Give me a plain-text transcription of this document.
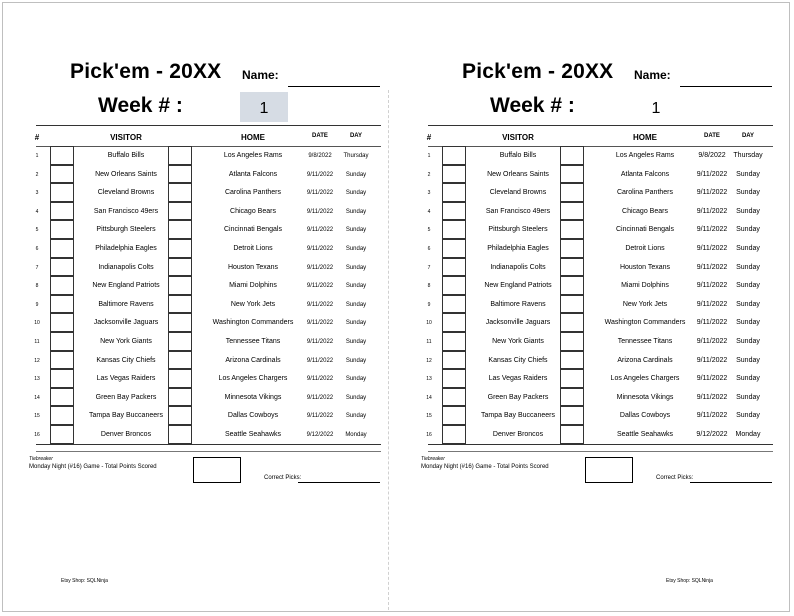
Pick'em - 20XX Name:
Week # :	1
#	VISITOR	HOME	DATE	DAY
1	Buffalo Bills	Los Angeles Rams	9/8/2022	Thursday
2	New Orleans Saints	Atlanta Falcons	9/11/2022	Sunday
3	Cleveland Browns	Carolina Panthers	9/11/2022	Sunday
4	San Francisco 49ers	Chicago Bears	9/11/2022	Sunday
5	Pittsburgh Steelers	Cincinnati Bengals	9/11/2022	Sunday
6	Philadelphia Eagles	Detroit Lions	9/11/2022	Sunday
7	Indianapolis Colts	Houston Texans	9/11/2022	Sunday
8	New England Patriots	Miami Dolphins	9/11/2022	Sunday
9	Baltimore Ravens	New York Jets	9/11/2022	Sunday
10	Jacksonville Jaguars	Washington Commanders	9/11/2022	Sunday
11	New York Giants	Tennessee Titans	9/11/2022	Sunday
12	Kansas City Chiefs	Arizona Cardinals	9/11/2022	Sunday
13	Las Vegas Raiders	Los Angeles Chargers	9/11/2022	Sunday
14	Green Bay Packers	Minnesota Vikings	9/11/2022	Sunday
15	Tampa Bay Buccaneers	Dallas Cowboys	9/11/2022	Sunday
16	Denver Broncos	Seattle Seahawks	9/12/2022	Monday
Tiebreaker
Monday Night (#16) Game - Total Points Scored
Correct Picks:
Etsy Shop: SQLNinja
Pick'em - 20XX Name:
Week # :	1
#	VISITOR	HOME	DATE	DAY
1	Buffalo Bills	Los Angeles Rams	9/8/2022	Thursday
2	New Orleans Saints	Atlanta Falcons	9/11/2022	Sunday
3	Cleveland Browns	Carolina Panthers	9/11/2022	Sunday
4	San Francisco 49ers	Chicago Bears	9/11/2022	Sunday
5	Pittsburgh Steelers	Cincinnati Bengals	9/11/2022	Sunday
6	Philadelphia Eagles	Detroit Lions	9/11/2022	Sunday
7	Indianapolis Colts	Houston Texans	9/11/2022	Sunday
8	New England Patriots	Miami Dolphins	9/11/2022	Sunday
9	Baltimore Ravens	New York Jets	9/11/2022	Sunday
10	Jacksonville Jaguars	Washington Commanders	9/11/2022	Sunday
11	New York Giants	Tennessee Titans	9/11/2022	Sunday
12	Kansas City Chiefs	Arizona Cardinals	9/11/2022	Sunday
13	Las Vegas Raiders	Los Angeles Chargers	9/11/2022	Sunday
14	Green Bay Packers	Minnesota Vikings	9/11/2022	Sunday
15	Tampa Bay Buccaneers	Dallas Cowboys	9/11/2022	Sunday
16	Denver Broncos	Seattle Seahawks	9/12/2022	Monday
Tiebreaker
Monday Night (#16) Game - Total Points Scored
Correct Picks:
Etsy Shop: SQLNinja
